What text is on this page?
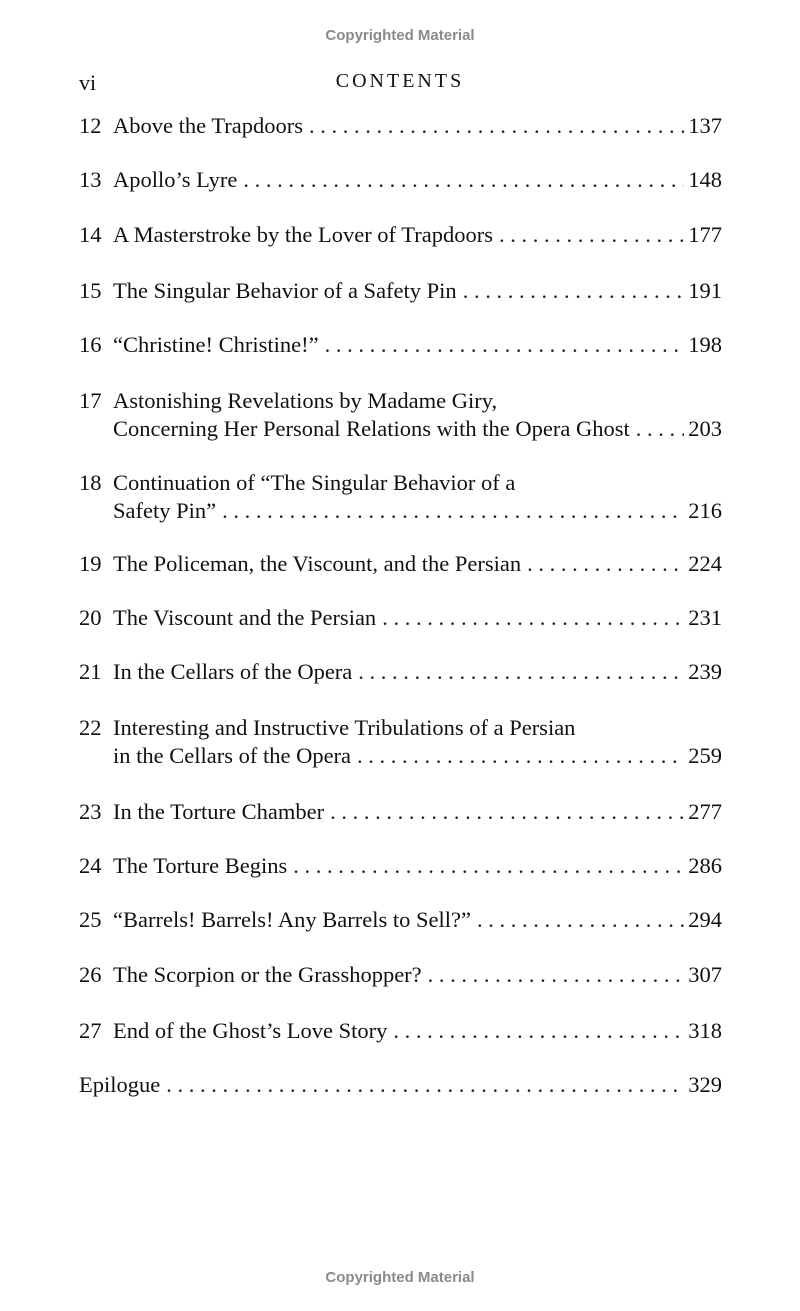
Copyrighted Material
vi	CONTENTS
12 Above the Trapdoors . . .	137
13 Apollo’s Lyre . . .	148
14 A Masterstroke by the Lover of Trapdoors . . .	177
15 The Singular Behavior of a Safety Pin . . .	191
16 “Christine! Christine!” . . .	198
17 Astonishing Revelations by Madame Giry,
Concerning Her Personal Relations with the Opera Ghost . . .	203
18 Continuation of “The Singular Behavior of a
Safety Pin” . . .	216
19 The Policeman, the Viscount, and the Persian . . .	224
20 The Viscount and the Persian . . .	231
21 In the Cellars of the Opera . . .	239
22 Interesting and Instructive Tribulations of a Persian
in the Cellars of the Opera . . .	259
23 In the Torture Chamber . . .	277
24 The Torture Begins . . .	286
25 “Barrels! Barrels! Any Barrels to Sell?” . . .	294
26 The Scorpion or the Grasshopper? . . .	307
27 End of the Ghost’s Love Story . . .	318
Epilogue . . .	329
Copyrighted Material
